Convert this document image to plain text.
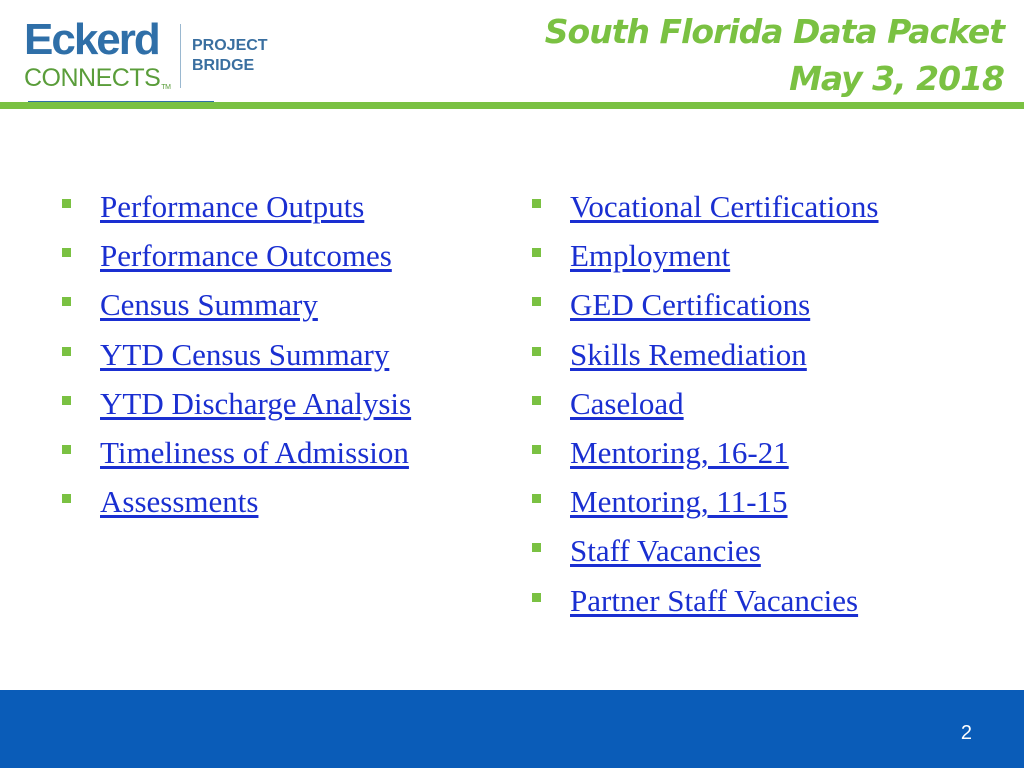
Eckerd
CONNECTSTM
PROJECT
BRIDGE
South Florida Data Packet
May 3, 2018
Performance Outputs
Performance Outcomes
Census Summary
YTD Census Summary
YTD Discharge Analysis
Timeliness of Admission
Assessments
Vocational Certifications
Employment
GED Certifications
Skills Remediation
Caseload
Mentoring, 16-21
Mentoring, 11-15
Staff Vacancies
Partner Staff Vacancies
2
